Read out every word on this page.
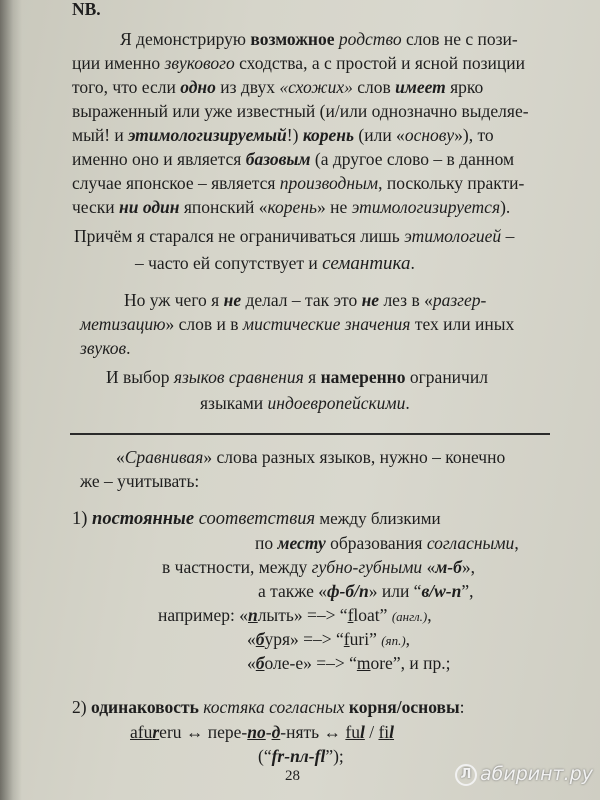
NB.
Я демонстрирую возможное родство слов не с пози-
ции именно звукового сходства, а с простой и ясной позиции
того, что если одно из двух «схожих» слов имеет ярко
выраженный или уже известный (и/или однозначно выделяе-
мый! и этимологизируемый!) корень (или «основу»), то
именно оно и является базовым (а другое слово – в данном
случае японское – является производным, поскольку практи-
чески ни один японский «корень» не этимологизируется).
Причём я старался не ограничиваться лишь этимологией –
– часто ей сопутствует и семантика.
Но уж чего я не делал – так это не лез в «разгер-
метизацию» слов и в мистические значения тех или иных
звуков.
И выбор языков сравнения я намеренно ограничил
языками индоевропейскими.
«Сравнивая» слова разных языков, нужно – конечно
же – учитывать:
1) постоянные соответствия между близкими
по месту образования согласными,
в частности, между губно-губными «м-б»,
а также «ф-б/п» или “в/w-п”,
например: «плыть» =–> “float” (англ.),
«буря» =–> “furi” (яп.),
«боле-е» =–> “more”, и пр.;
2) одинаковость костяка согласных корня/основы:
afureru ↔ пере-по-д-нять ↔ ful / fil
(“fr-пл-fl”);
28	Л абиринт.ру
